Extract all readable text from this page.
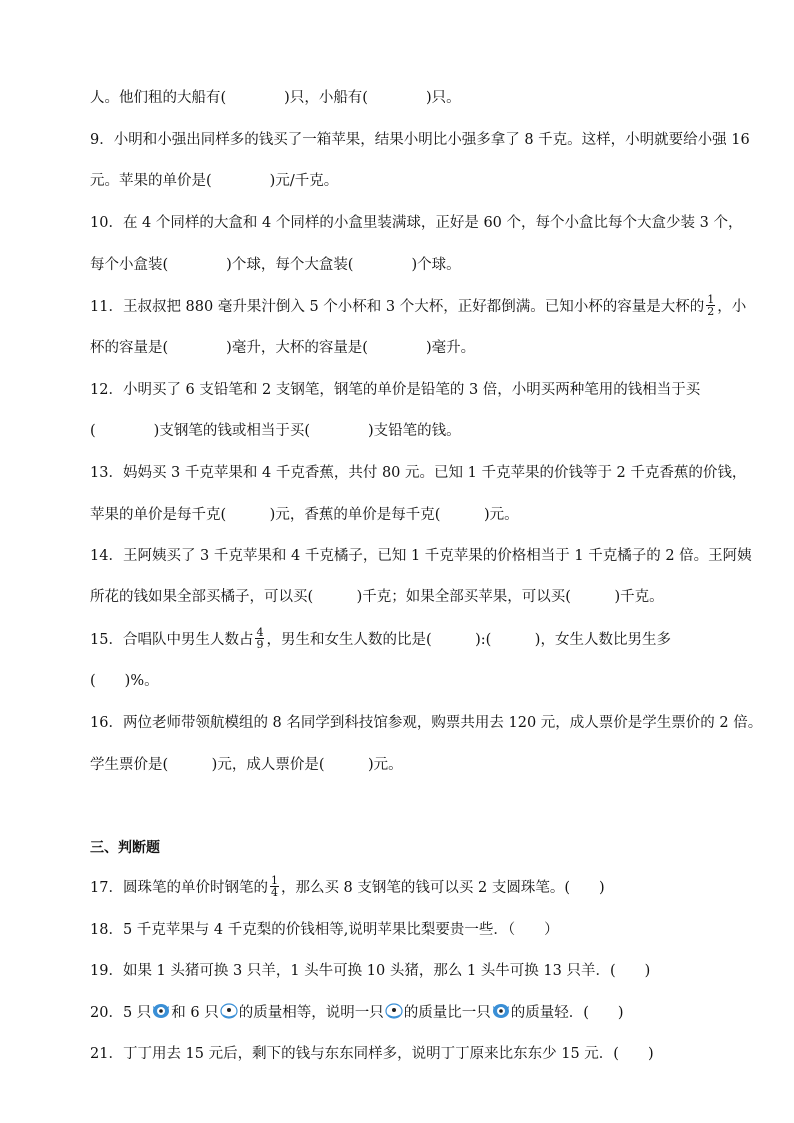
人。他们租的大船有(　　　　)只，小船有(　　　　)只。
9．小明和小强出同样多的钱买了一箱苹果，结果小明比小强多拿了 8 千克。这样，小明就要给小强 16
元。苹果的单价是(　　　　)元/千克。
10．在 4 个同样的大盒和 4 个同样的小盒里装满球，正好是 60 个，每个小盒比每个大盒少装 3 个，
每个小盒装(　　　　)个球，每个大盒装(　　　　)个球。
11．王叔叔把 880 毫升果汁倒入 5 个小杯和 3 个大杯，正好都倒满。已知小杯的容量是大杯的 $\frac{1}{2}$ ，小
杯的容量是(　　　　)毫升，大杯的容量是(　　　　)毫升。
12．小明买了 6 支铅笔和 2 支钢笔，钢笔的单价是铅笔的 3 倍，小明买两种笔用的钱相当于买
(　　　　)支钢笔的钱或相当于买(　　　　)支铅笔的钱。
13．妈妈买 3 千克苹果和 4 千克香蕉，共付 80 元。已知 1 千克苹果的价钱等于 2 千克香蕉的价钱，
苹果的单价是每千克(　　　)元，香蕉的单价是每千克(　　　)元。
14．王阿姨买了 3 千克苹果和 4 千克橘子，已知 1 千克苹果的价格相当于 1 千克橘子的 2 倍。王阿姨
所花的钱如果全部买橘子，可以买(　　　)千克；如果全部买苹果，可以买(　　　)千克。
15．合唱队中男生人数占 $\frac{4}{9}$ ，男生和女生人数的比是(　　　):(　　　)，女生人数比男生多
(　　)%。
16．两位老师带领航模组的 8 名同学到科技馆参观，购票共用去 120 元，成人票价是学生票价的 2 倍。
学生票价是(　　　)元，成人票价是(　　　)元。
三、判断题
17．圆珠笔的单价时钢笔的 $\frac{1}{4}$ ，那么买 8 支钢笔的钱可以买 2 支圆珠笔。(　　)
18．5 千克苹果与 4 千克梨的价钱相等,说明苹果比梨要贵一些．（　　）
19．如果 1 头猪可换 3 只羊，1 头牛可换 10 头猪，那么 1 头牛可换 13 只羊．(　　)
20．5 只 和 6 只 的质量相等，说明一只 的质量比一只 的质量轻．(　　)
21．丁丁用去 15 元后，剩下的钱与东东同样多，说明丁丁原来比东东少 15 元．(　　)
